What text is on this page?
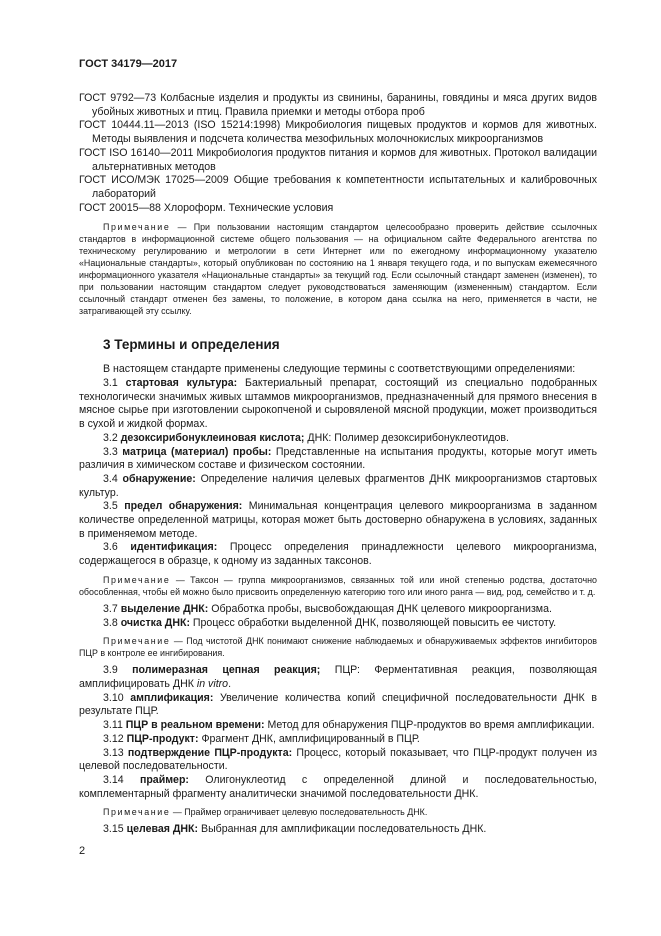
ГОСТ 34179—2017

ГОСТ 9792—73 Колбасные изделия и продукты из свинины, баранины, говядины и мяса других видов убойных животных и птиц. Правила приемки и методы отбора проб

ГОСТ 10444.11—2013 (ISO 15214:1998) Микробиология пищевых продуктов и кормов для животных. Методы выявления и подсчета количества мезофильных молочнокислых микроорганизмов

ГОСТ ISO 16140—2011 Микробиология продуктов питания и кормов для животных. Протокол валидации альтернативных методов

ГОСТ ИСО/МЭК 17025—2009 Общие требования к компетентности испытательных и калибровочных лабораторий

ГОСТ 20015—88 Хлороформ. Технические условия

Примечание — При пользовании настоящим стандартом целесообразно проверить действие ссылочных стандартов в информационной системе общего пользования — на официальном сайте Федерального агентства по техническому регулированию и метрологии в сети Интернет или по ежегодному информационному указателю «Национальные стандарты», который опубликован по состоянию на 1 января текущего года, и по выпускам ежемесячного информационного указателя «Национальные стандарты» за текущий год. Если ссылочный стандарт заменен (изменен), то при пользовании настоящим стандартом следует руководствоваться заменяющим (измененным) стандартом. Если ссылочный стандарт отменен без замены, то положение, в котором дана ссылка на него, применяется в части, не затрагивающей эту ссылку.

3 Термины и определения

В настоящем стандарте применены следующие термины с соответствующими определениями:

3.1 стартовая культура: Бактериальный препарат, состоящий из специально подобранных технологически значимых живых штаммов микроорганизмов, предназначенный для прямого внесения в мясное сырье при изготовлении сырокопченой и сыровяленой мясной продукции, может производиться в сухой и жидкой формах.

3.2 дезоксирибонуклеиновая кислота; ДНК: Полимер дезоксирибонуклеотидов.

3.3 матрица (материал) пробы: Представленные на испытания продукты, которые могут иметь различия в химическом составе и физическом состоянии.

3.4 обнаружение: Определение наличия целевых фрагментов ДНК микроорганизмов стартовых культур.

3.5 предел обнаружения: Минимальная концентрация целевого микроорганизма в заданном количестве определенной матрицы, которая может быть достоверно обнаружена в условиях, заданных в применяемом методе.

3.6 идентификация: Процесс определения принадлежности целевого микроорганизма, содержащегося в образце, к одному из заданных таксонов.

Примечание — Таксон — группа микроорганизмов, связанных той или иной степенью родства, достаточно обособленная, чтобы ей можно было присвоить определенную категорию того или иного ранга — вид, род, семейство и т. д.

3.7 выделение ДНК: Обработка пробы, высвобождающая ДНК целевого микроорганизма.

3.8 очистка ДНК: Процесс обработки выделенной ДНК, позволяющей повысить ее чистоту.

Примечание — Под чистотой ДНК понимают снижение наблюдаемых и обнаруживаемых эффектов ингибиторов ПЦР в контроле ее ингибирования.

3.9 полимеразная цепная реакция; ПЦР: Ферментативная реакция, позволяющая амплифицировать ДНК in vitro.

3.10 амплификация: Увеличение количества копий специфичной последовательности ДНК в результате ПЦР.

3.11 ПЦР в реальном времени: Метод для обнаружения ПЦР-продуктов во время амплификации.

3.12 ПЦР-продукт: Фрагмент ДНК, амплифицированный в ПЦР.

3.13 подтверждение ПЦР-продукта: Процесс, который показывает, что ПЦР-продукт получен из целевой последовательности.

3.14 праймер: Олигонуклеотид с определенной длиной и последовательностью, комплементарный фрагменту аналитически значимой последовательности ДНК.

Примечание — Праймер ограничивает целевую последовательность ДНК.

3.15 целевая ДНК: Выбранная для амплификации последовательность ДНК.

2
